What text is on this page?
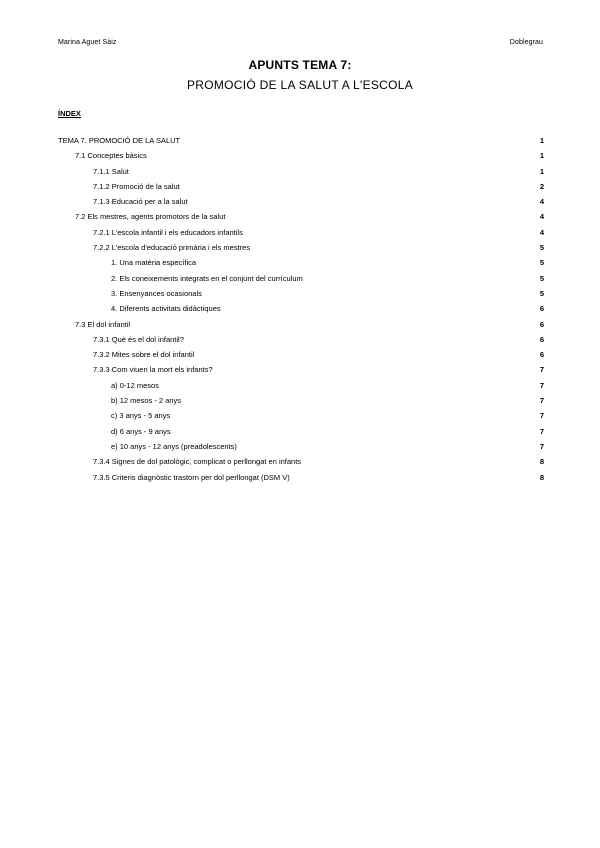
Marina Aguet Sàiz	Doblegrau
APUNTS TEMA 7:
PROMOCIÓ DE LA SALUT A L'ESCOLA
ÍNDEX
TEMA 7. PROMOCIÓ DE LA SALUT	1
7.1 Conceptes bàsics	1
7.1.1 Salut	1
7.1.2 Promoció de la salut	2
7.1.3 Educació per a la salut	4
7.2 Els mestres, agents promotors de la salut	4
7.2.1 L'escola infantil i els educadors infantils	4
7.2.2 L'escola d'educació primària i els mestres	5
1. Una matèria específica	5
2. Els coneixements integrats en el conjunt del currículum	5
3. Ensenyances ocasionals	5
4. Diferents activitats didàctiques	6
7.3 El dol infantil	6
7.3.1 Què és el dol infantil?	6
7.3.2 Mites sobre el dol infantil	6
7.3.3 Com viuen la mort els infants?	7
a) 0-12 mesos	7
b) 12 mesos - 2 anys	7
c) 3 anys - 5 anys	7
d) 6 anys - 9 anys	7
e) 10 anys - 12 anys (preadolescents)	7
7.3.4 Signes de dol patològic, complicat o perllongat en infants	8
7.3.5 Criteris diagnòstic trastorn per dol perllongat (DSM V)	8
